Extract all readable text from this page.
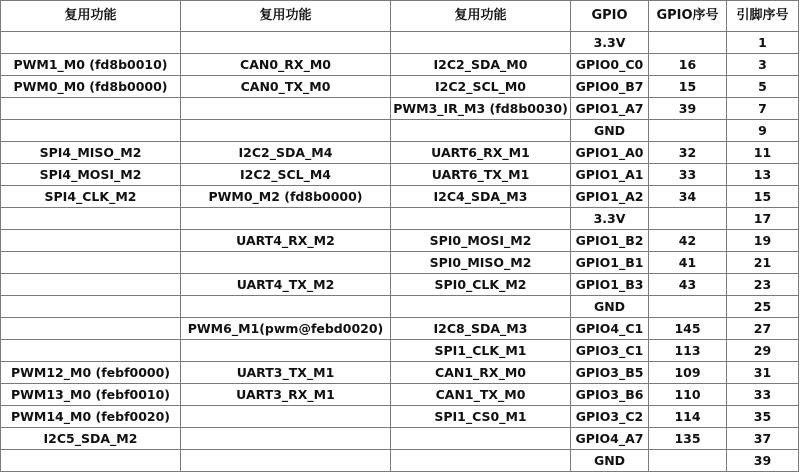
复用功能	复用功能	复用功能	GPIO	GPIO序号	引脚序号
			3.3V		1
PWM1_M0 (fd8b0010)	CAN0_RX_M0	I2C2_SDA_M0	GPIO0_C0	16	3
PWM0_M0 (fd8b0000)	CAN0_TX_M0	I2C2_SCL_M0	GPIO0_B7	15	5
		PWM3_IR_M3 (fd8b0030)	GPIO1_A7	39	7
			GND		9
SPI4_MISO_M2	I2C2_SDA_M4	UART6_RX_M1	GPIO1_A0	32	11
SPI4_MOSI_M2	I2C2_SCL_M4	UART6_TX_M1	GPIO1_A1	33	13
SPI4_CLK_M2	PWM0_M2 (fd8b0000)	I2C4_SDA_M3	GPIO1_A2	34	15
			3.3V		17
	UART4_RX_M2	SPI0_MOSI_M2	GPIO1_B2	42	19
		SPI0_MISO_M2	GPIO1_B1	41	21
	UART4_TX_M2	SPI0_CLK_M2	GPIO1_B3	43	23
			GND		25
	PWM6_M1(pwm@febd0020)	I2C8_SDA_M3	GPIO4_C1	145	27
		SPI1_CLK_M1	GPIO3_C1	113	29
PWM12_M0 (febf0000)	UART3_TX_M1	CAN1_RX_M0	GPIO3_B5	109	31
PWM13_M0 (febf0010)	UART3_RX_M1	CAN1_TX_M0	GPIO3_B6	110	33
PWM14_M0 (febf0020)		SPI1_CS0_M1	GPIO3_C2	114	35
I2C5_SDA_M2			GPIO4_A7	135	37
			GND		39
